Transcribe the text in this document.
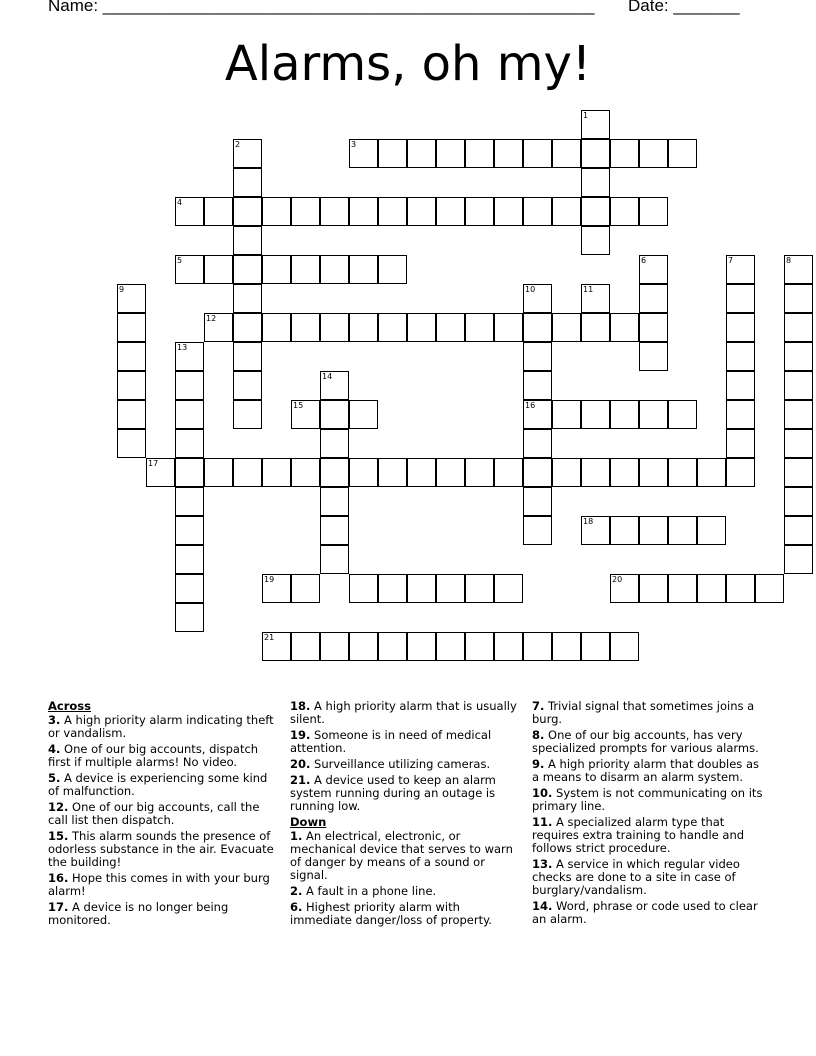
Name: ____________________________________________________ Date: _______
Alarms, oh my!
1
2	3
4
5	6	7	8
9	10	11
12
13
14
15	16
17
18
19	20
21
Across
3. A high priority alarm indicating theft or vandalism.
4. One of our big accounts, dispatch first if multiple alarms! No video.
5. A device is experiencing some kind of malfunction.
12. One of our big accounts, call the call list then dispatch.
15. This alarm sounds the presence of odorless substance in the air. Evacuate the building!
16. Hope this comes in with your burg alarm!
17. A device is no longer being monitored.
18. A high priority alarm that is usually silent.
19. Someone is in need of medical attention.
20. Surveillance utilizing cameras.
21. A device used to keep an alarm system running during an outage is running low.
Down
1. An electrical, electronic, or mechanical device that serves to warn of danger by means of a sound or signal.
2. A fault in a phone line.
6. Highest priority alarm with immediate danger/loss of property.
7. Trivial signal that sometimes joins a burg.
8. One of our big accounts, has very specialized prompts for various alarms.
9. A high priority alarm that doubles as a means to disarm an alarm system.
10. System is not communicating on its primary line.
11. A specialized alarm type that requires extra training to handle and follows strict procedure.
13. A service in which regular video checks are done to a site in case of burglary/vandalism.
14. Word, phrase or code used to clear an alarm.
